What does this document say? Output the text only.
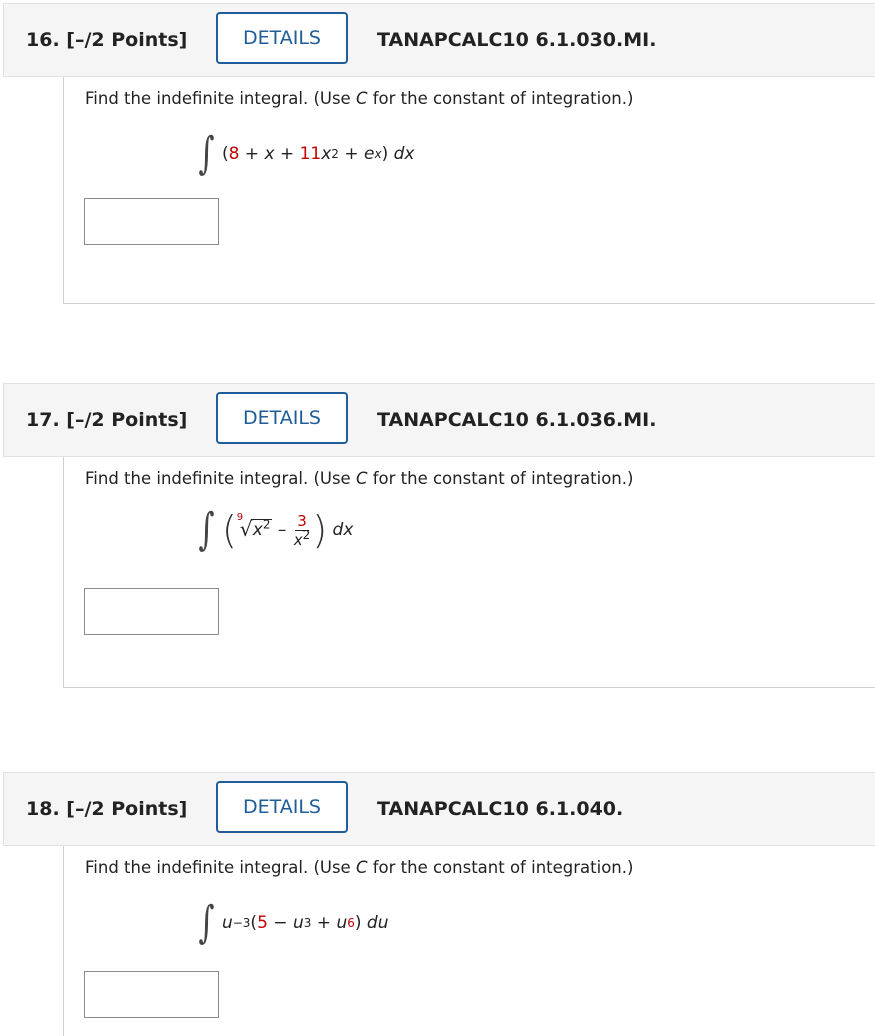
16. [–/2 Points]	DETAILS	TANAPCALC10 6.1.030.MI.
Find the indefinite integral. (Use C for the constant of integration.)
∫ ( 8 + x + 11 x 2 + e x )
dx
17. [–/2 Points]	DETAILS	TANAPCALC10 6.1.036.MI.
Find the indefinite integral. (Use C for the constant of integration.)
∫ ( 9
√ $x^2$
–
$\frac{3}{x^2}$ )
dx
18. [–/2 Points]	DETAILS	TANAPCALC10 6.1.040.
Find the indefinite integral. (Use C for the constant of integration.)
∫ u −3 ( 5 − u 3 + u 6 )
du
